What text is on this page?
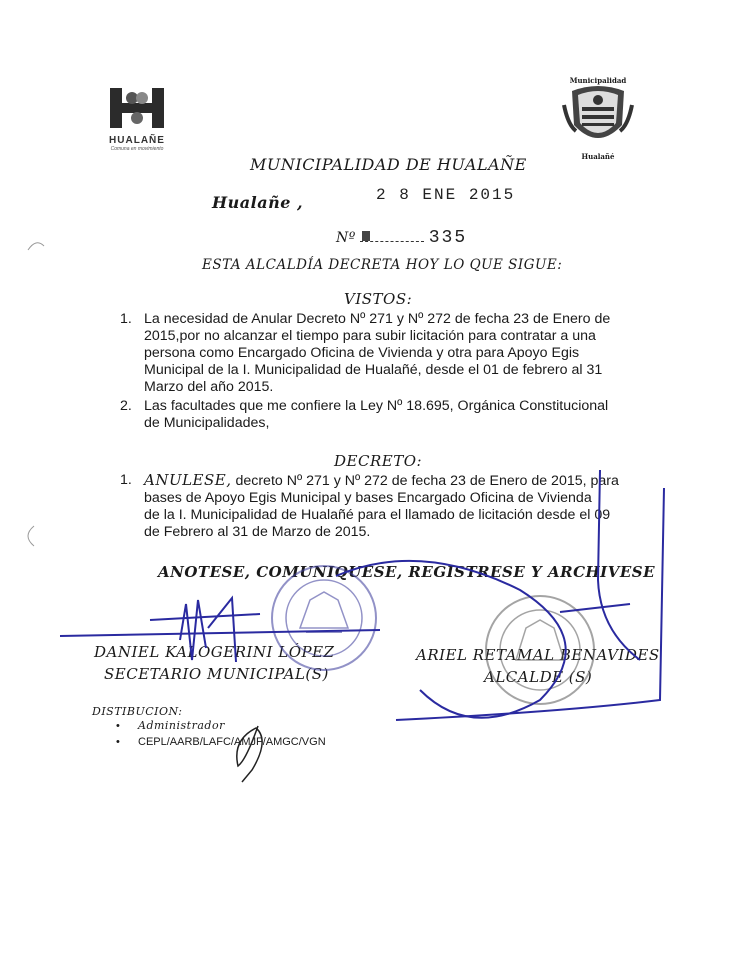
HUALAÑE
Comuna en movimiento
Municipalidad
Hualañé
MUNICIPALIDAD DE HUALAÑE
Hualañe ,	2 8 ENE 2015
Nº	335
ESTA ALCALDÍA DECRETA HOY LO QUE SIGUE:
VISTOS:
1. La necesidad de Anular Decreto Nº 271 y Nº 272 de fecha 23 de Enero de
2015,por no alcanzar el tiempo para subir licitación para contratar a una
persona como Encargado Oficina de Vivienda y otra para Apoyo Egis
Municipal de la I. Municipalidad de Hualañé, desde el 01 de febrero al 31
Marzo del año 2015.
2. Las facultades que me confiere la Ley Nº 18.695, Orgánica Constitucional
de Municipalidades,
DECRETO:
1. ANULESE, decreto Nº 271 y Nº 272 de fecha 23 de Enero de 2015, para
bases de Apoyo Egis Municipal y bases Encargado Oficina de Vivienda
de la I. Municipalidad de Hualañé para el llamado de licitación desde el 09
de Febrero al 31 de Marzo de 2015.
ANOTESE, COMUNIQUESE, REGISTRESE Y ARCHIVESE
DANIEL KALOGERINI LÓPEZ
SECETARIO MUNICIPAL(S)
ARIEL RETAMAL BENAVIDES
ALCALDE (S)
DISTIBUCION:
• Administrador
• CEPL/AARB/LAFC/AMJF/AMGC/VGN
